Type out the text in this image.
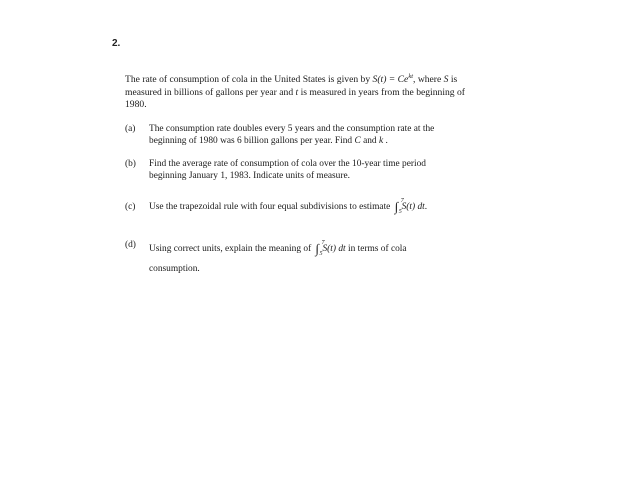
2.
The rate of consumption of cola in the United States is given by $S(t) = Ce^{kt}$, where S is
measured in billions of gallons per year and t is measured in years from the beginning of
1980.
(a) The consumption rate doubles every 5 years and the consumption rate at the
beginning of 1980 was 6 billion gallons per year. Find C and k .
(b) Find the average rate of consumption of cola over the 10-year time period
beginning January 1, 1983. Indicate units of measure.
(c) Use the trapezoidal rule with four equal subdivisions to estimate ∫ 7
5 S(t) dt.
(d) Using correct units, explain the meaning of ∫ 7
5 S(t) dt in terms of cola
consumption.
